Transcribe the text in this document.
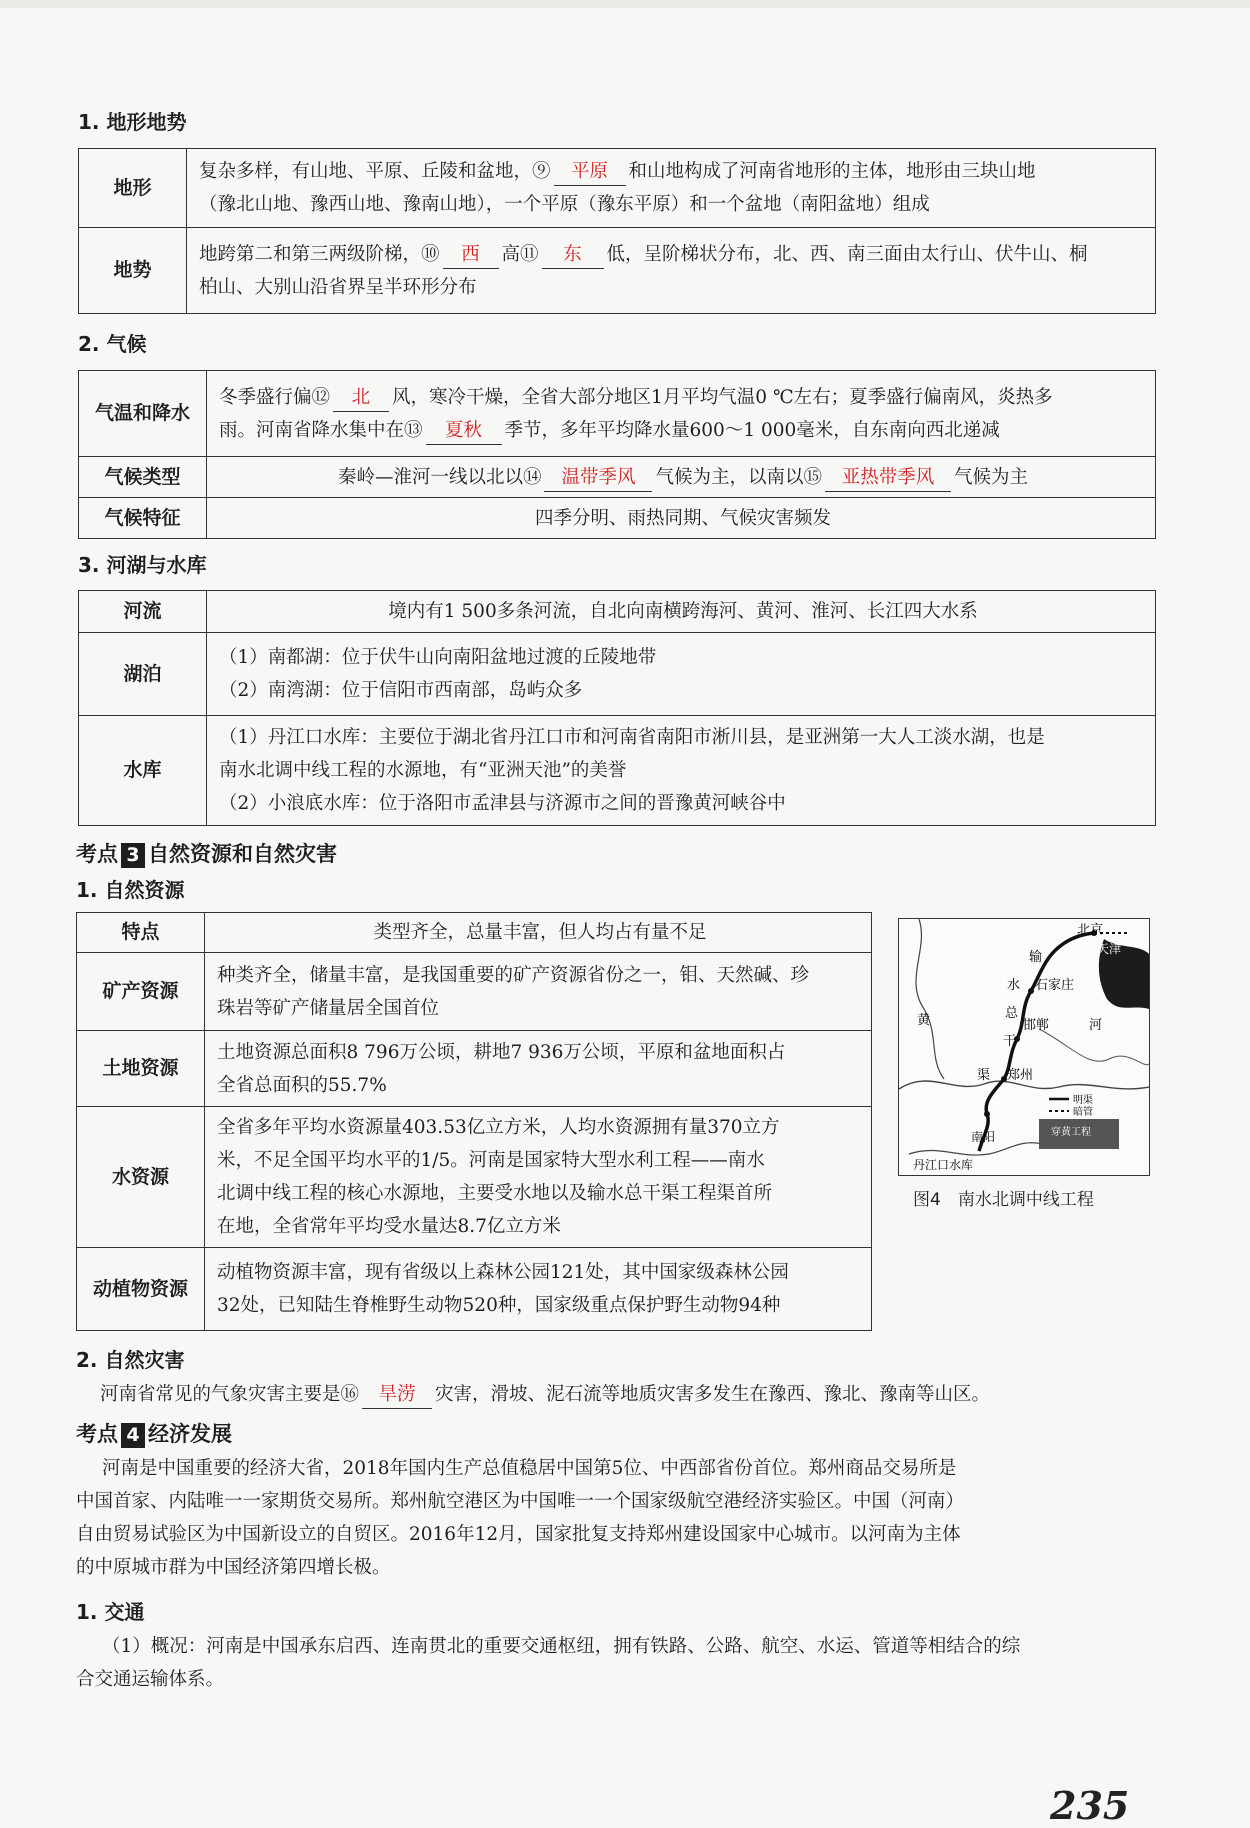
1. 地形地势
地形	复杂多样，有山地、平原、丘陵和盆地，⑨ 平原 和山地构成了河南省地形的主体，地形由三块山地
（豫北山地、豫西山地、豫南山地），一个平原（豫东平原）和一个盆地（南阳盆地）组成
地势	地跨第二和第三两级阶梯，⑩ 西 高⑪ 东 低，呈阶梯状分布，北、西、南三面由太行山、伏牛山、桐
柏山、大别山沿省界呈半环形分布
2. 气候
气温和降水	冬季盛行偏⑫ 北 风，寒冷干燥，全省大部分地区1月平均气温0 ℃左右；夏季盛行偏南风，炎热多
雨。河南省降水集中在⑬ 夏秋 季节，多年平均降水量600～1 000毫米，自东南向西北递减
气候类型	秦岭—淮河一线以北以⑭ 温带季风 气候为主，以南以⑮ 亚热带季风 气候为主
气候特征	四季分明、雨热同期、气候灾害频发
3. 河湖与水库
河流	境内有1 500多条河流，自北向南横跨海河、黄河、淮河、长江四大水系
湖泊	（1）南都湖：位于伏牛山向南阳盆地过渡的丘陵地带
（2）南湾湖：位于信阳市西南部，岛屿众多
水库	（1）丹江口水库：主要位于湖北省丹江口市和河南省南阳市淅川县，是亚洲第一大人工淡水湖，也是
南水北调中线工程的水源地，有“亚洲天池”的美誉
（2）小浪底水库：位于洛阳市孟津县与济源市之间的晋豫黄河峡谷中
考点 3 自然资源和自然灾害
1. 自然资源
特点	类型齐全，总量丰富，但人均占有量不足
矿产资源	种类齐全，储量丰富，是我国重要的矿产资源省份之一，钼、天然碱、珍
珠岩等矿产储量居全国首位
土地资源	土地资源总面积8 796万公顷，耕地7 936万公顷，平原和盆地面积占
全省总面积的55.7%
水资源	全省多年平均水资源量403.53亿立方米，人均水资源拥有量370立方
米，不足全国平均水平的1/5。河南是国家特大型水利工程——南水
北调中线工程的核心水源地，主要受水地以及输水总干渠工程渠首所
在地，全省常年平均受水量达8.7亿立方米
动植物资源	动植物资源丰富，现有省级以上森林公园121处，其中国家级森林公园
32处，已知陆生脊椎野生动物520种，国家级重点保护野生动物94种
北京
天津
输
水 石家庄
总
邯郸
干
黄	河
渠 郑州
南阳
丹江口水库
明渠
暗管
穿黄工程
图4　南水北调中线工程
2. 自然灾害

河南省常见的气象灾害主要是⑯ 旱涝 灾害，滑坡、泥石流等地质灾害多发生在豫西、豫北、豫南等山区。

考点 4 经济发展
河南是中国重要的经济大省，2018年国内生产总值稳居中国第5位、中西部省份首位。郑州商品交易所是
中国首家、内陆唯一一家期货交易所。郑州航空港区为中国唯一一个国家级航空港经济实验区。中国（河南）
自由贸易试验区为中国新设立的自贸区。2016年12月，国家批复支持郑州建设国家中心城市。以河南为主体
的中原城市群为中国经济第四增长极。
1. 交通
（1）概况：河南是中国承东启西、连南贯北的重要交通枢纽，拥有铁路、公路、航空、水运、管道等相结合的综
合交通运输体系。
235
